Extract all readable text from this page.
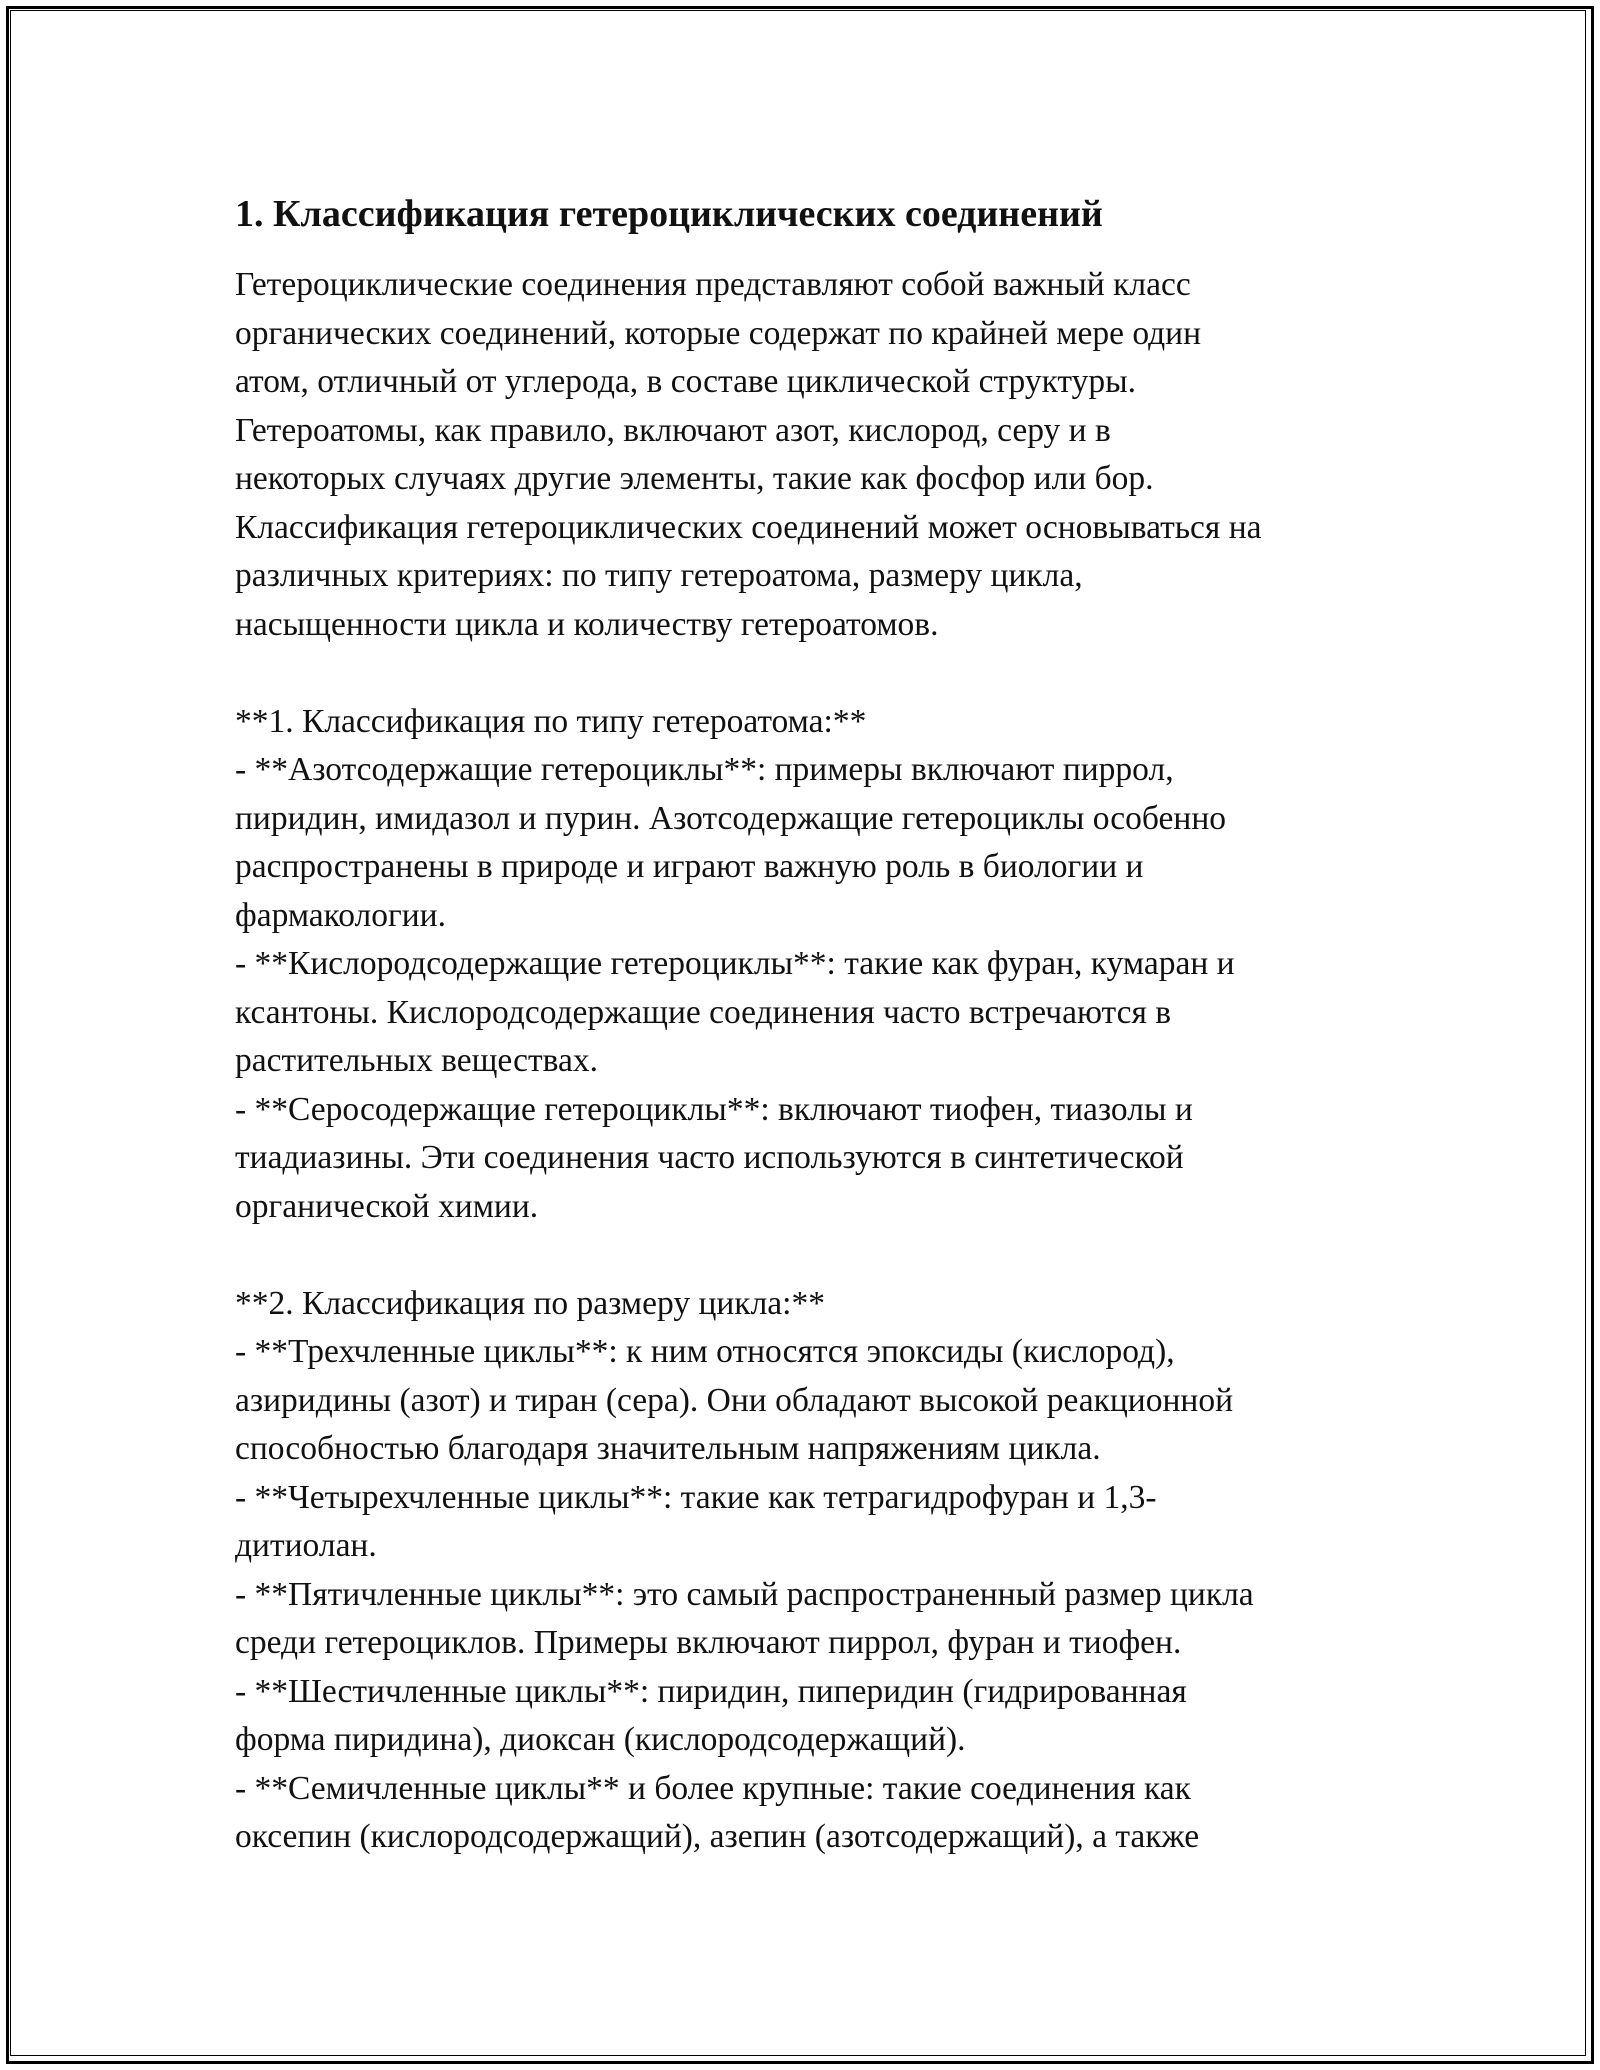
1. Классификация гетероциклических соединений
Гетероциклические соединения представляют собой важный класс
органических соединений, которые содержат по крайней мере один
атом, отличный от углерода, в составе циклической структуры.
Гетероатомы, как правило, включают азот, кислород, серу и в
некоторых случаях другие элементы, такие как фосфор или бор.
Классификация гетероциклических соединений может основываться на
различных критериях: по типу гетероатома, размеру цикла,
насыщенности цикла и количеству гетероатомов.
**1. Классификация по типу гетероатома:**
- **Азотсодержащие гетероциклы**: примеры включают пиррол,
пиридин, имидазол и пурин. Азотсодержащие гетероциклы особенно
распространены в природе и играют важную роль в биологии и
фармакологии.
- **Кислородсодержащие гетероциклы**: такие как фуран, кумаран и
ксантоны. Кислородсодержащие соединения часто встречаются в
растительных веществах.
- **Серосодержащие гетероциклы**: включают тиофен, тиазолы и
тиадиазины. Эти соединения часто используются в синтетической
органической химии.
**2. Классификация по размеру цикла:**
- **Трехчленные циклы**: к ним относятся эпоксиды (кислород),
азиридины (азот) и тиран (сера). Они обладают высокой реакционной
способностью благодаря значительным напряжениям цикла.
- **Четырехчленные циклы**: такие как тетрагидрофуран и 1,3-
дитиолан.
- **Пятичленные циклы**: это самый распространенный размер цикла
среди гетероциклов. Примеры включают пиррол, фуран и тиофен.
- **Шестичленные циклы**: пиридин, пиперидин (гидрированная
форма пиридина), диоксан (кислородсодержащий).
- **Семичленные циклы** и более крупные: такие соединения как
оксепин (кислородсодержащий), азепин (азотсодержащий), а также
